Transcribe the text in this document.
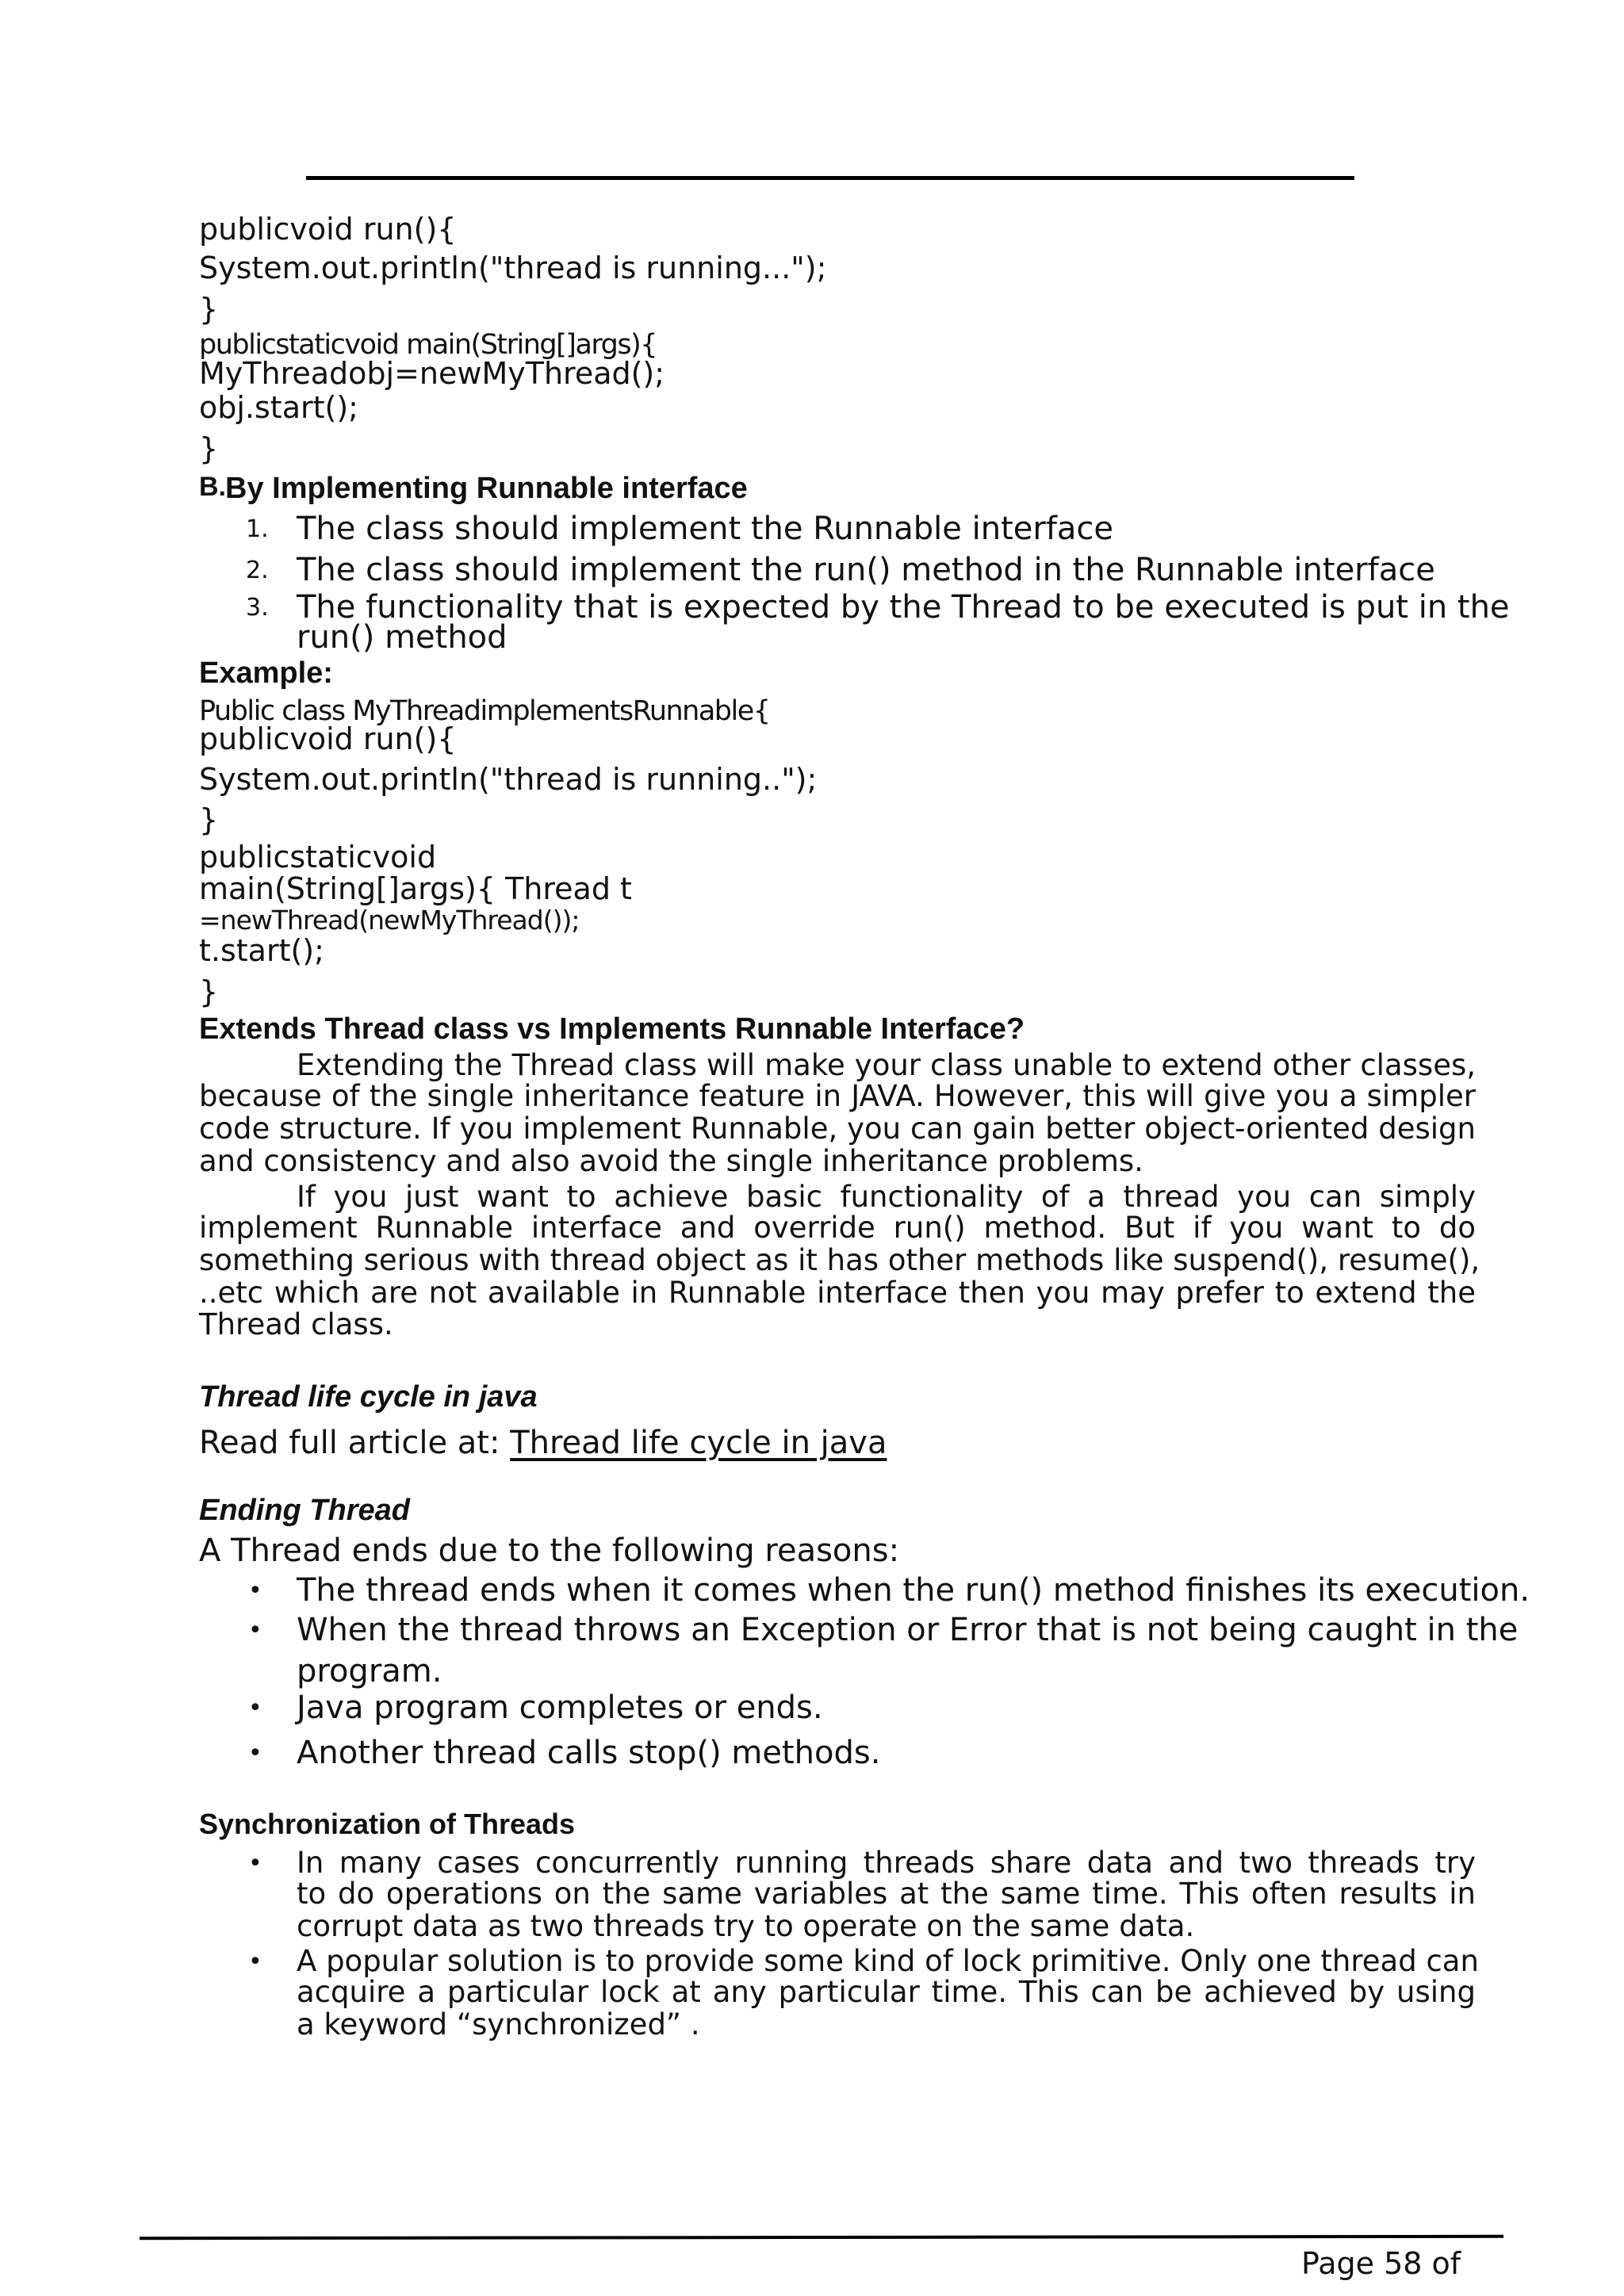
publicvoid run(){
System.out.println("thread is running...");
}
publicstaticvoid main(String[]args){
MyThreadobj=newMyThread();
obj.start();
}
B. By Implementing Runnable interface
1. The class should implement the Runnable interface
2. The class should implement the run() method in the Runnable interface
3. The functionality that is expected by the Thread to be executed is put in the
run() method
Example:
Public class MyThreadimplementsRunnable{
publicvoid run(){
System.out.println("thread is running..");
}
publicstaticvoid
main(String[]args){ Thread t
=newThread(newMyThread());
t.start();
}
Extends Thread class vs Implements Runnable Interface?
Extending the Thread class will make your class unable to extend other classes,
because of the single inheritance feature in JAVA. However, this will give you a simpler
code structure. If you implement Runnable, you can gain better object-oriented design
and consistency and also avoid the single inheritance problems.
If you just want to achieve basic functionality of a thread you can simply
implement Runnable interface and override run() method. But if you want to do
something serious with thread object as it has other methods like suspend(), resume(),
..etc which are not available in Runnable interface then you may prefer to extend the
Thread class.
Thread life cycle in java
Read full article at: Thread life cycle in java
Ending Thread
A Thread ends due to the following reasons:
• The thread ends when it comes when the run() method finishes its execution.
• When the thread throws an Exception or Error that is not being caught in the
program.
• Java program completes or ends.
• Another thread calls stop() methods.
Synchronization of Threads
• In many cases concurrently running threads share data and two threads try
to do operations on the same variables at the same time. This often results in
corrupt data as two threads try to operate on the same data.
• A popular solution is to provide some kind of lock primitive. Only one thread can
acquire a particular lock at any particular time. This can be achieved by using
a keyword “synchronized” .
Page 58 of
